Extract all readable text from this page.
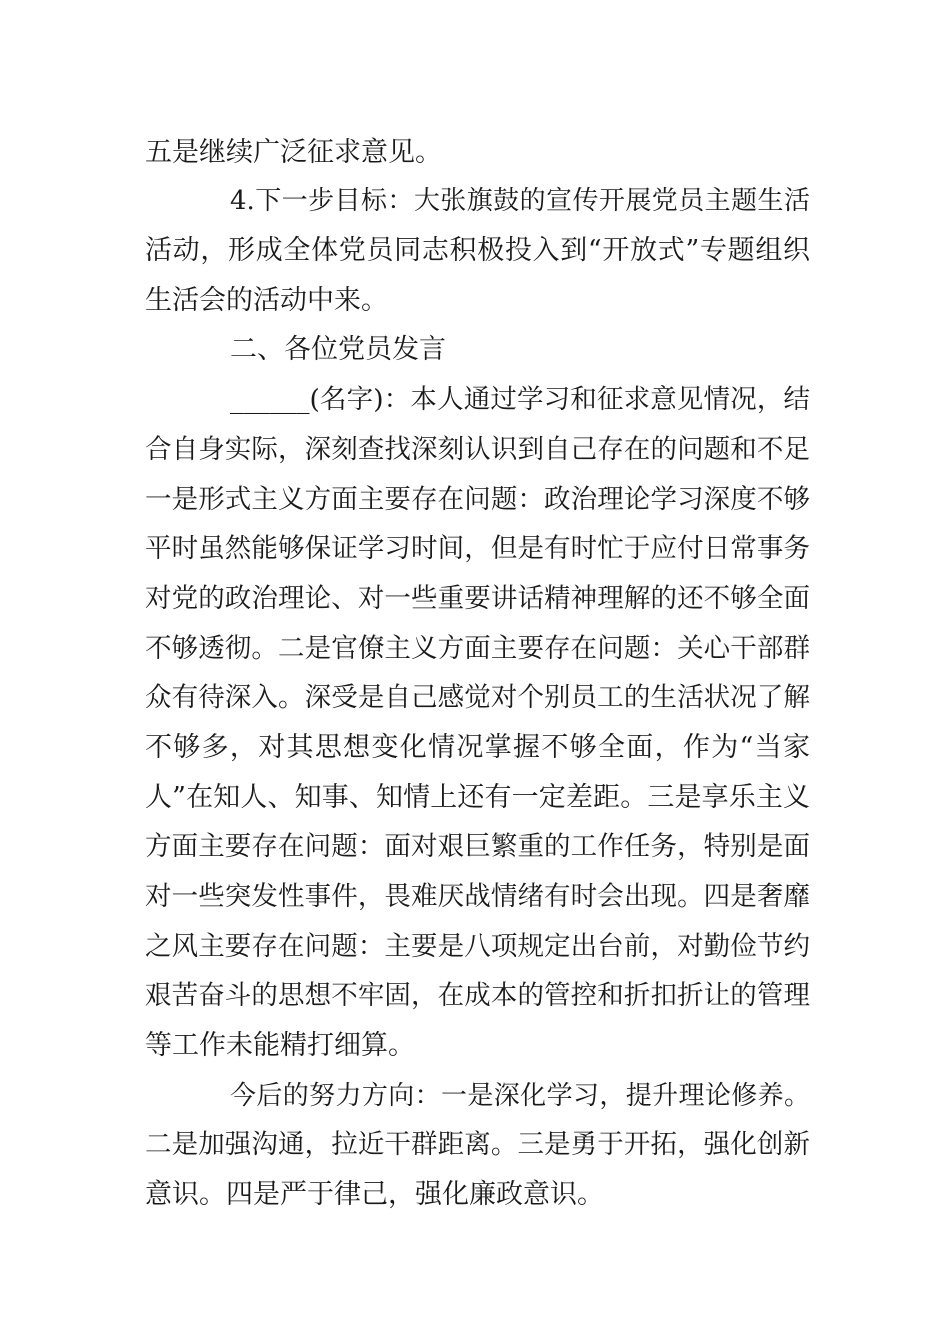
五是继续广泛征求意见。
4.下一步目标：大张旗鼓的宣传开展党员主题生活
活动，形成全体党员同志积极投入到“开放式”专题组织
生活会的活动中来。
二、各位党员发言
______(名字)：本人通过学习和征求意见情况，结
合自身实际，深刻查找深刻认识到自己存在的问题和不足
一是形式主义方面主要存在问题：政治理论学习深度不够
平时虽然能够保证学习时间，但是有时忙于应付日常事务
对党的政治理论、对一些重要讲话精神理解的还不够全面
不够透彻。二是官僚主义方面主要存在问题：关心干部群
众有待深入。深受是自己感觉对个别员工的生活状况了解
不够多，对其思想变化情况掌握不够全面，作为“当家
人”在知人、知事、知情上还有一定差距。三是享乐主义
方面主要存在问题：面对艰巨繁重的工作任务，特别是面
对一些突发性事件，畏难厌战情绪有时会出现。四是奢靡
之风主要存在问题：主要是八项规定出台前，对勤俭节约
艰苦奋斗的思想不牢固，在成本的管控和折扣折让的管理
等工作未能精打细算。
今后的努力方向：一是深化学习，提升理论修养。
二是加强沟通，拉近干群距离。三是勇于开拓，强化创新
意识。四是严于律己，强化廉政意识。
